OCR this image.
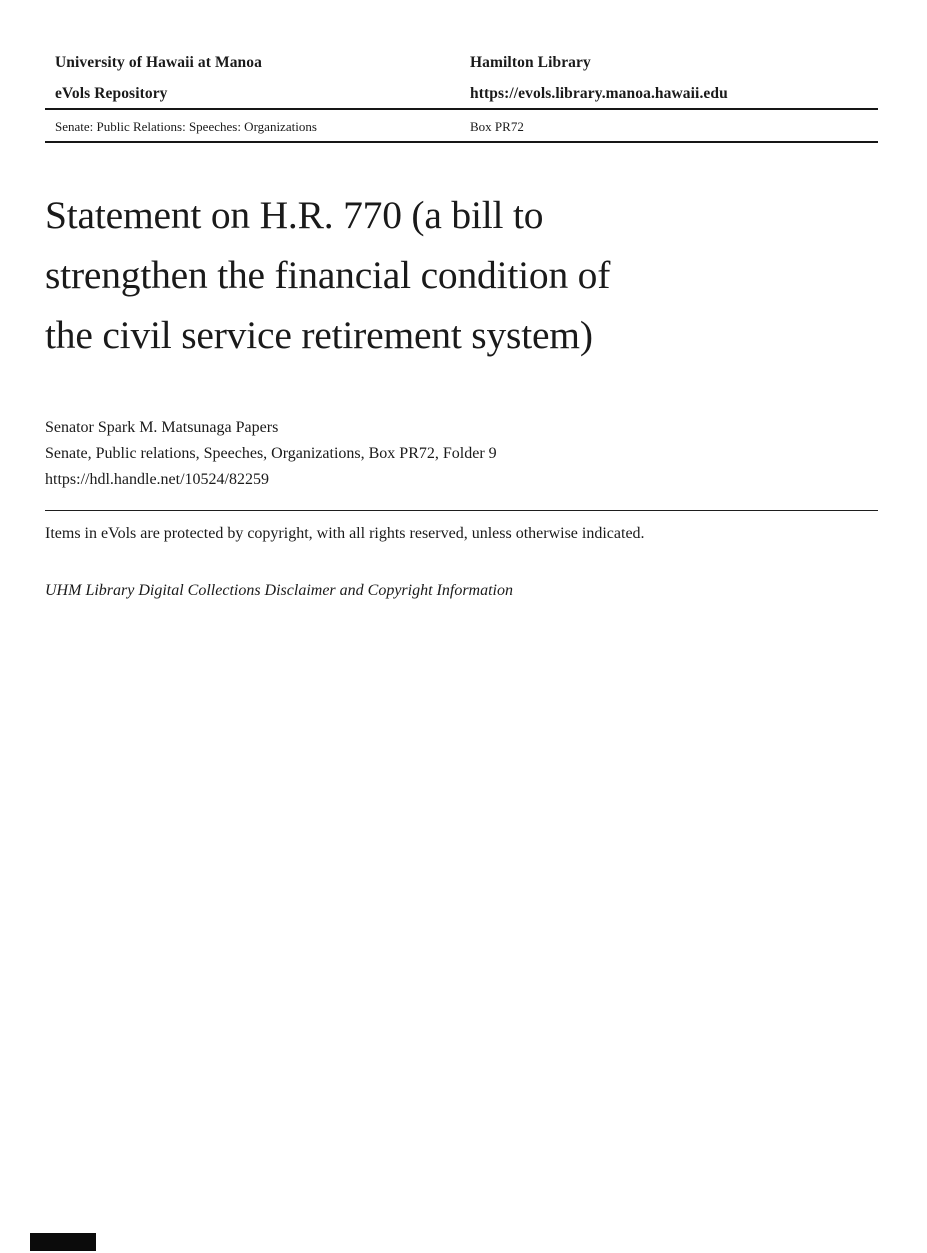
University of Hawaii at Manoa	Hamilton Library
eVols Repository	https://evols.library.manoa.hawaii.edu
Senate: Public Relations: Speeches: Organizations	Box PR72
Statement on H.R. 770 (a bill to
strengthen the financial condition of
the civil service retirement system)
Senator Spark M. Matsunaga Papers
Senate, Public relations, Speeches, Organizations, Box PR72, Folder 9
https://hdl.handle.net/10524/82259

Items in eVols are protected by copyright, with all rights reserved, unless otherwise indicated.

UHM Library Digital Collections Disclaimer and Copyright Information
